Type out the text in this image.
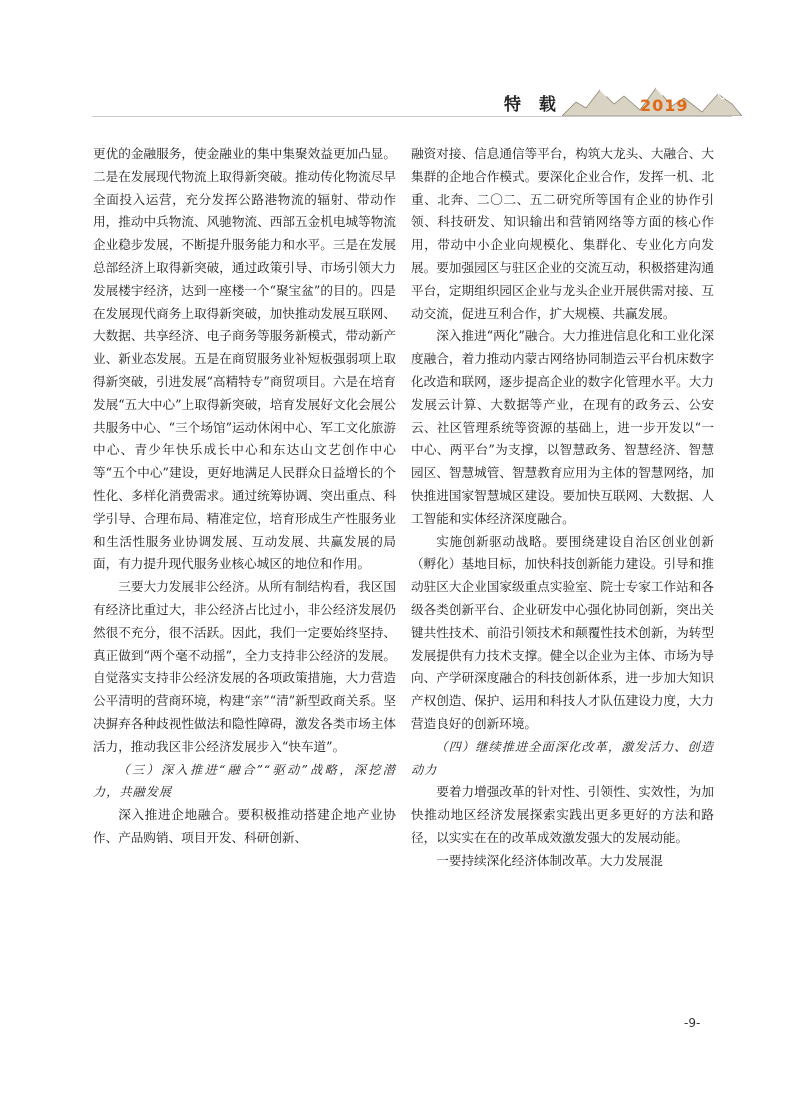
特 载	2019

更优的金融服务，使金融业的集中集聚效益更加凸显。二是在发展现代物流上取得新突破。推动传化物流尽早全面投入运营，充分发挥公路港物流的辐射、带动作用，推动中兵物流、风驰物流、西部五金机电城等物流企业稳步发展，不断提升服务能力和水平。三是在发展总部经济上取得新突破，通过政策引导、市场引领大力发展楼宇经济，达到一座楼一个“聚宝盆”的目的。四是在发展现代商务上取得新突破，加快推动发展互联网、大数据、共享经济、电子商务等服务新模式，带动新产业、新业态发展。五是在商贸服务业补短板强弱项上取得新突破，引进发展“高精特专”商贸项目。六是在培育发展“五大中心”上取得新突破，培育发展好文化会展公共服务中心、“三个场馆”运动休闲中心、军工文化旅游中心、青少年快乐成长中心和东达山文艺创作中心等“五个中心”建设，更好地满足人民群众日益增长的个性化、多样化消费需求。通过统筹协调、突出重点、科学引导、合理布局、精准定位，培育形成生产性服务业和生活性服务业协调发展、互动发展、共赢发展的局面，有力提升现代服务业核心城区的地位和作用。

三要大力发展非公经济。从所有制结构看，我区国有经济比重过大，非公经济占比过小，非公经济发展仍然很不充分，很不活跃。因此，我们一定要始终坚持、真正做到“两个毫不动摇”，全力支持非公经济的发展。自觉落实支持非公经济发展的各项政策措施，大力营造公平清明的营商环境，构建“亲”“清”新型政商关系。坚决摒弃各种歧视性做法和隐性障碍，激发各类市场主体活力，推动我区非公经济发展步入“快车道”。

（三）深入推进“融合”“驱动”战略，深挖潜力，共融发展

深入推进企地融合。要积极推动搭建企地产业协作、产品购销、项目开发、科研创新、

融资对接、信息通信等平台，构筑大龙头、大融合、大集群的企地合作模式。要深化企业合作，发挥一机、北重、北奔、二〇二、五二研究所等国有企业的协作引领、科技研发、知识输出和营销网络等方面的核心作用，带动中小企业向规模化、集群化、专业化方向发展。要加强园区与驻区企业的交流互动，积极搭建沟通平台，定期组织园区企业与龙头企业开展供需对接、互动交流，促进互利合作，扩大规模、共赢发展。

深入推进“两化”融合。大力推进信息化和工业化深度融合，着力推动内蒙古网络协同制造云平台机床数字化改造和联网，逐步提高企业的数字化管理水平。大力发展云计算、大数据等产业，在现有的政务云、公安云、社区管理系统等资源的基础上，进一步开发以“一中心、两平台”为支撑，以智慧政务、智慧经济、智慧园区、智慧城管、智慧教育应用为主体的智慧网络，加快推进国家智慧城区建设。要加快互联网、大数据、人工智能和实体经济深度融合。

实施创新驱动战略。要围绕建设自治区创业创新（孵化）基地目标，加快科技创新能力建设。引导和推动驻区大企业国家级重点实验室、院士专家工作站和各级各类创新平台、企业研发中心强化协同创新，突出关键共性技术、前沿引领技术和颠覆性技术创新，为转型发展提供有力技术支撑。健全以企业为主体、市场为导向、产学研深度融合的科技创新体系，进一步加大知识产权创造、保护、运用和科技人才队伍建设力度，大力营造良好的创新环境。

（四）继续推进全面深化改革，激发活力、创造动力

要着力增强改革的针对性、引领性、实效性，为加快推动地区经济发展探索实践出更多更好的方法和路径，以实实在在的改革成效激发强大的发展动能。

一要持续深化经济体制改革。大力发展混

-9-
